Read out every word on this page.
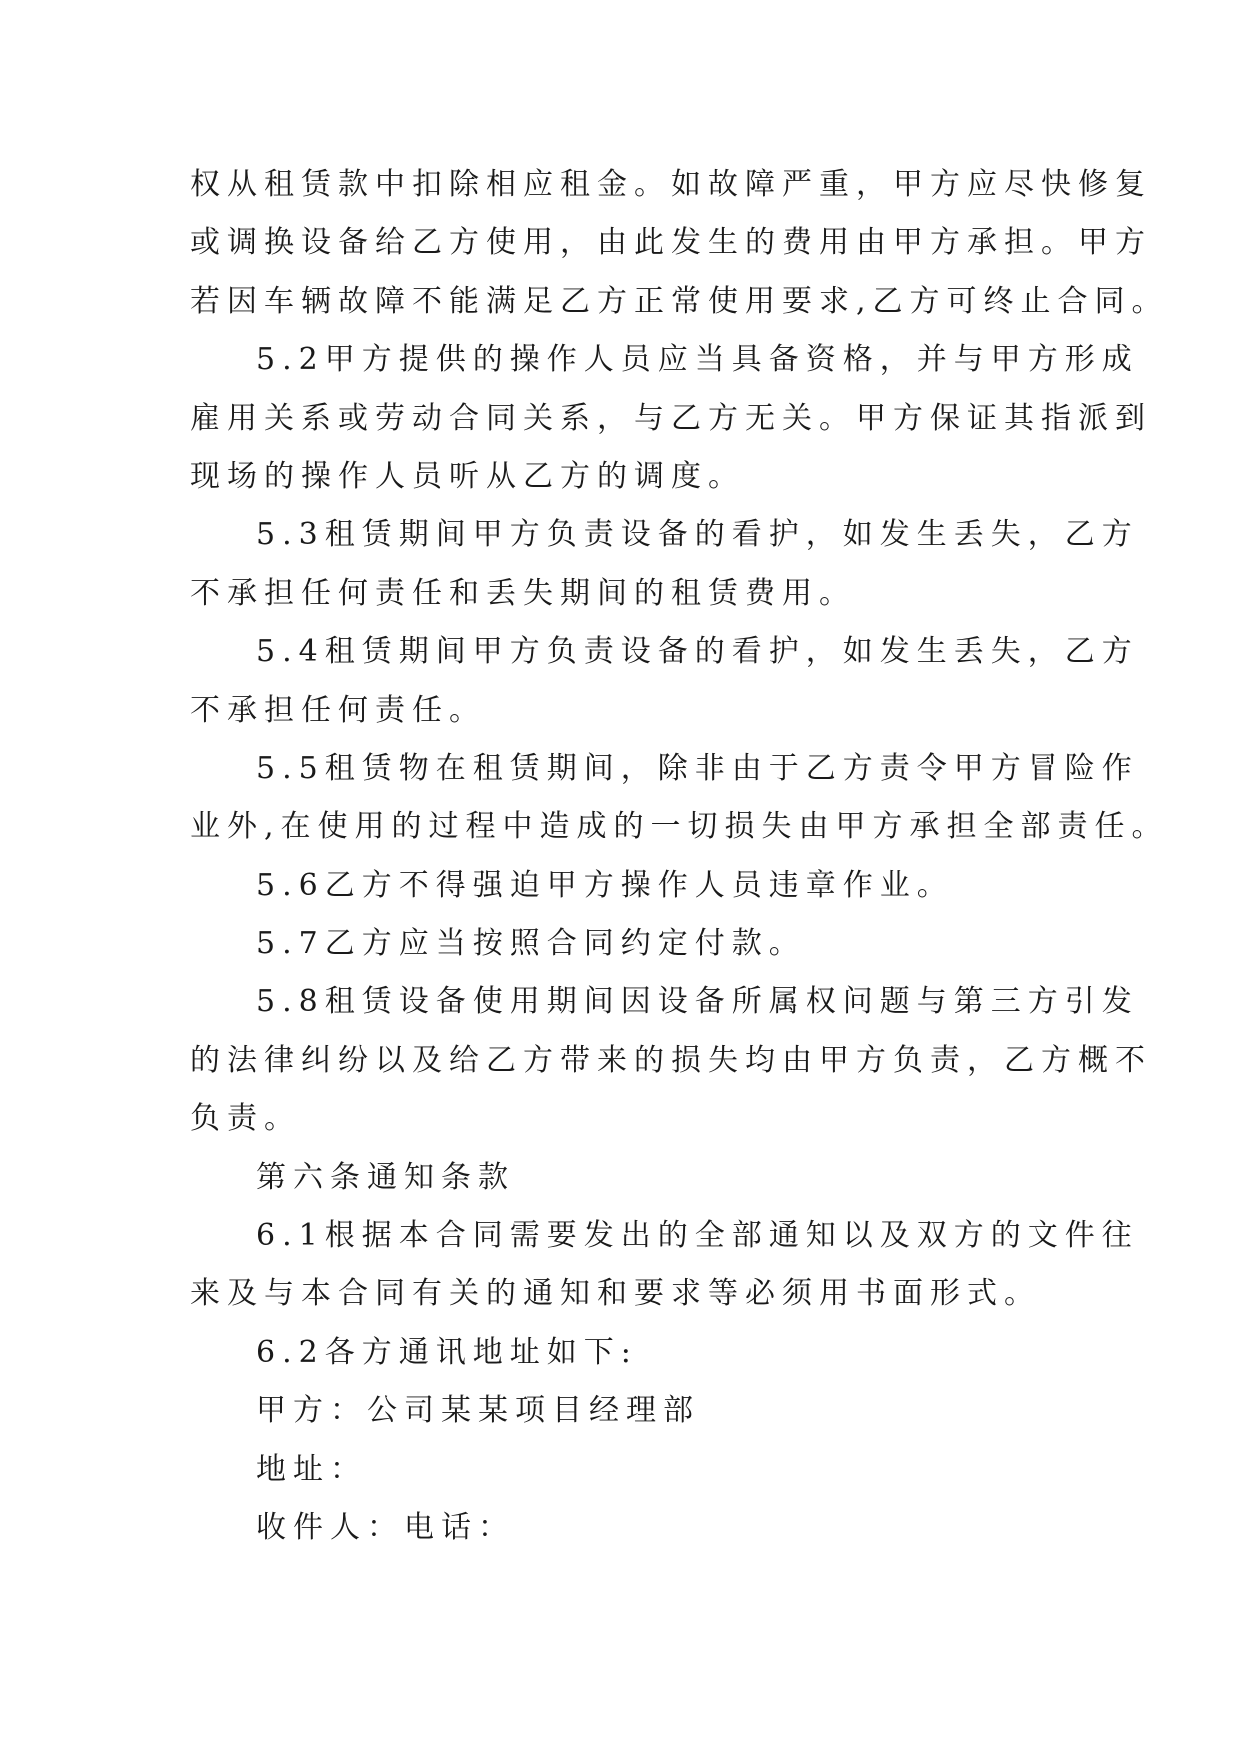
权从租赁款中扣除相应租金。如故障严重，甲方应尽快修复
或调换设备给乙方使用，由此发生的费用由甲方承担。甲方
若因车辆故障不能满足乙方正常使用要求,乙方可终止合同。
5.2甲方提供的操作人员应当具备资格，并与甲方形成
雇用关系或劳动合同关系，与乙方无关。甲方保证其指派到
现场的操作人员听从乙方的调度。
5.3租赁期间甲方负责设备的看护，如发生丢失，乙方
不承担任何责任和丢失期间的租赁费用。
5.4租赁期间甲方负责设备的看护，如发生丢失，乙方
不承担任何责任。
5.5租赁物在租赁期间，除非由于乙方责令甲方冒险作
业外,在使用的过程中造成的一切损失由甲方承担全部责任。
5.6乙方不得强迫甲方操作人员违章作业。
5.7乙方应当按照合同约定付款。
5.8租赁设备使用期间因设备所属权问题与第三方引发
的法律纠纷以及给乙方带来的损失均由甲方负责，乙方概不
负责。
第六条通知条款
6.1根据本合同需要发出的全部通知以及双方的文件往
来及与本合同有关的通知和要求等必须用书面形式。
6.2各方通讯地址如下:
甲方：公司某某项目经理部
地址：
收件人：电话：
